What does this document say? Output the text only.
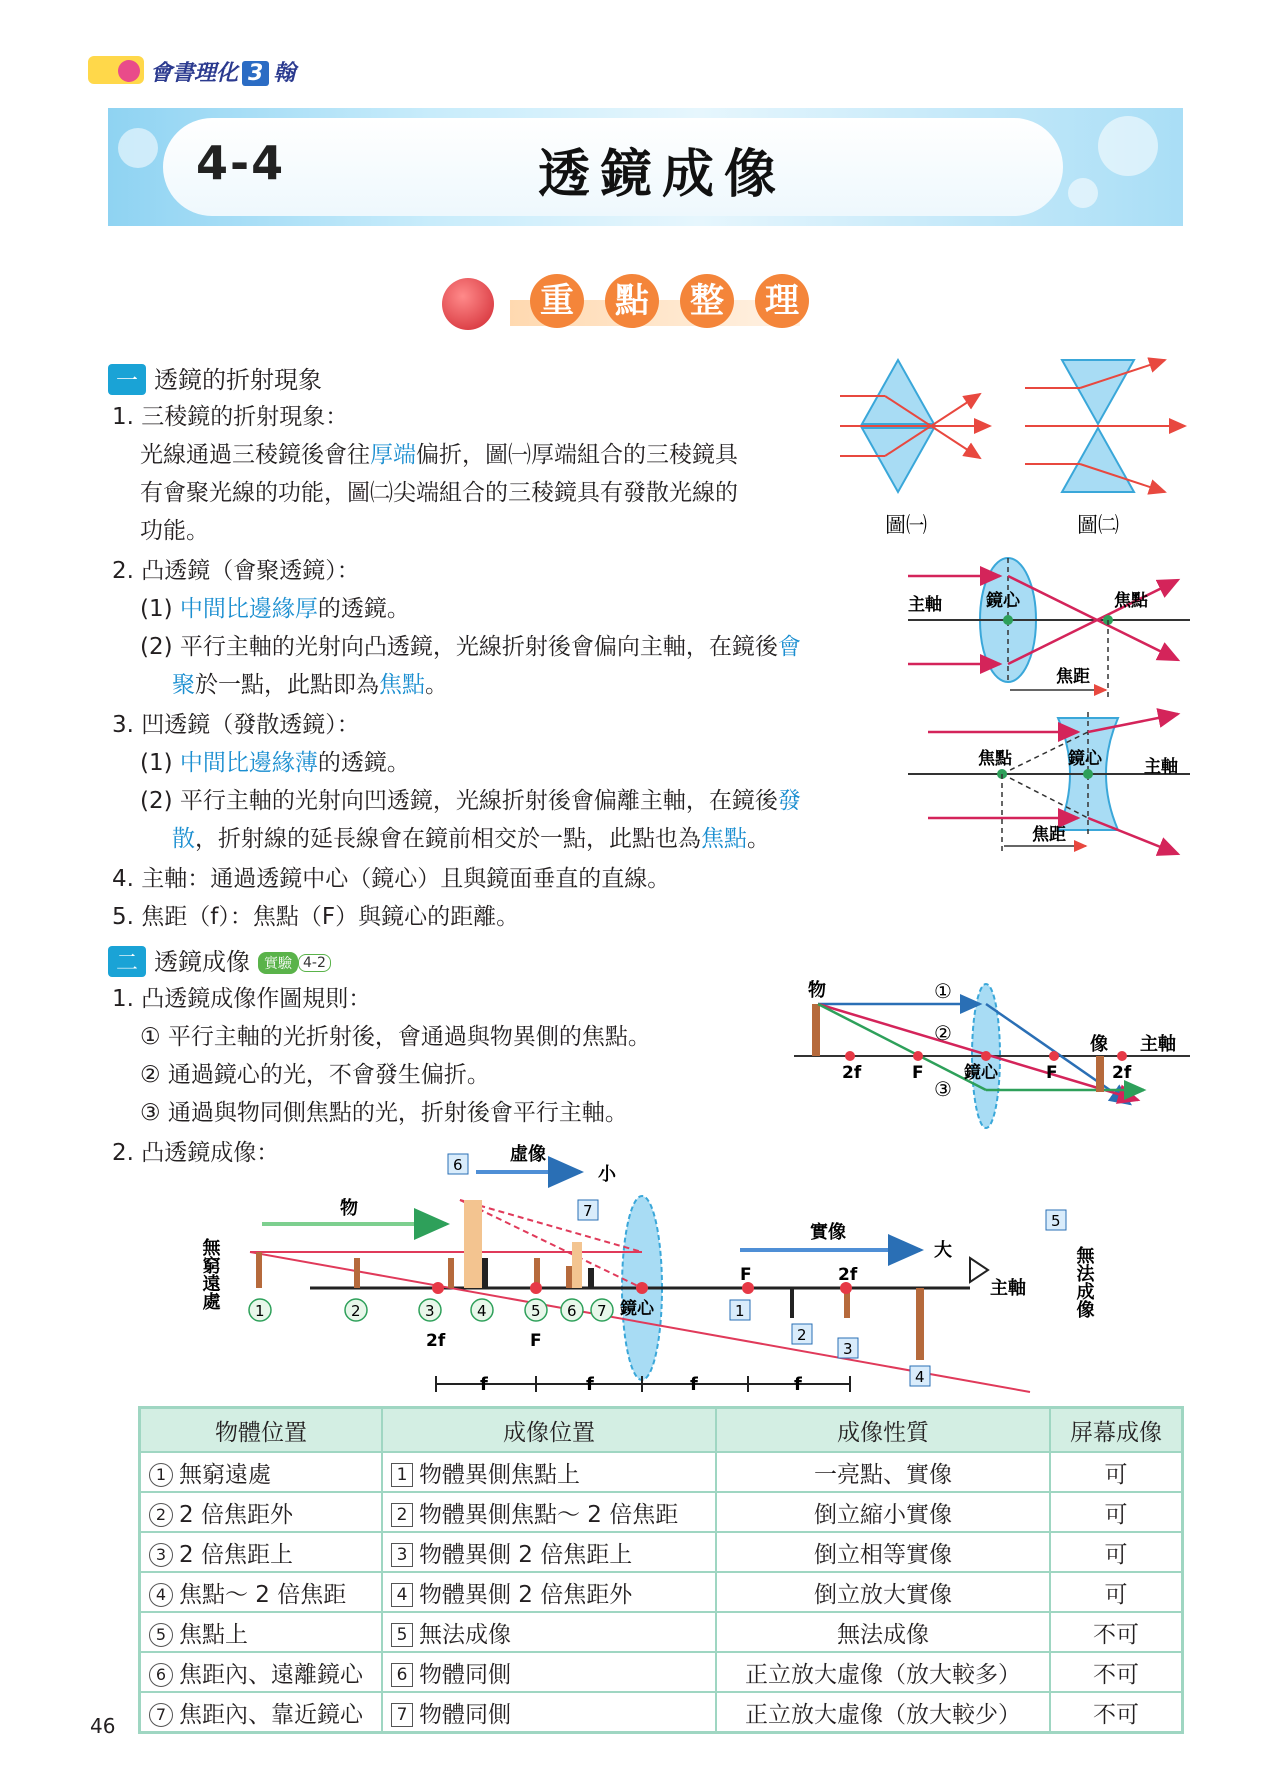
會書理化 3 翰
4-4	透鏡成像
重 點 整 理
一 透鏡的折射現象
1. 三稜鏡的折射現象：
光線通過三稜鏡後會往厚端偏折，圖㈠厚端組合的三稜鏡具
有會聚光線的功能，圖㈡尖端組合的三稜鏡具有發散光線的
功能。
2. 凸透鏡（會聚透鏡）：
(1) 中間比邊緣厚的透鏡。
(2) 平行主軸的光射向凸透鏡，光線折射後會偏向主軸，在鏡後會
聚於一點，此點即為焦點。
3. 凹透鏡（發散透鏡）：
(1) 中間比邊緣薄的透鏡。
(2) 平行主軸的光射向凹透鏡，光線折射後會偏離主軸，在鏡後發
散，折射線的延長線會在鏡前相交於一點，此點也為焦點。
4. 主軸：通過透鏡中心（鏡心）且與鏡面垂直的直線。
5. 焦距（f）：焦點（F）與鏡心的距離。
圖㈠	圖㈡
主軸	鏡心	焦點
焦距
焦點	鏡心 主軸
焦距
二 透鏡成像 實驗 4-2
1. 凸透鏡成像作圖規則：
① 平行主軸的光折射後，會通過與物異側的焦點。
② 通過鏡心的光，不會發生偏折。
③ 通過與物同側焦點的光，折射後會平行主軸。
2. 凸透鏡成像：
物	①
②
③
2f	F 鏡心	F	2f
像 主軸
f	f	f	f
無窮遠處	無法成像
物
虛像
小
實像
大
主軸
鏡心
2f	F
F	2f
1	2	3	4	5 6 7	1
2
3
4
5
6
7
物體位置	成像位置	成像性質	屏幕成像
1 無窮遠處	1 物體異側焦點上	一亮點、實像	可
2 2 倍焦距外	2 物體異側焦點～ 2 倍焦距	倒立縮小實像	可
3 2 倍焦距上	3 物體異側 2 倍焦距上	倒立相等實像	可
4 焦點～ 2 倍焦距	4 物體異側 2 倍焦距外	倒立放大實像	可
5 焦點上	5 無法成像	無法成像	不可
6 焦距內、遠離鏡心	6 物體同側	正立放大虛像（放大較多）	不可
7 焦距內、靠近鏡心	7 物體同側	正立放大虛像（放大較少）	不可
46
